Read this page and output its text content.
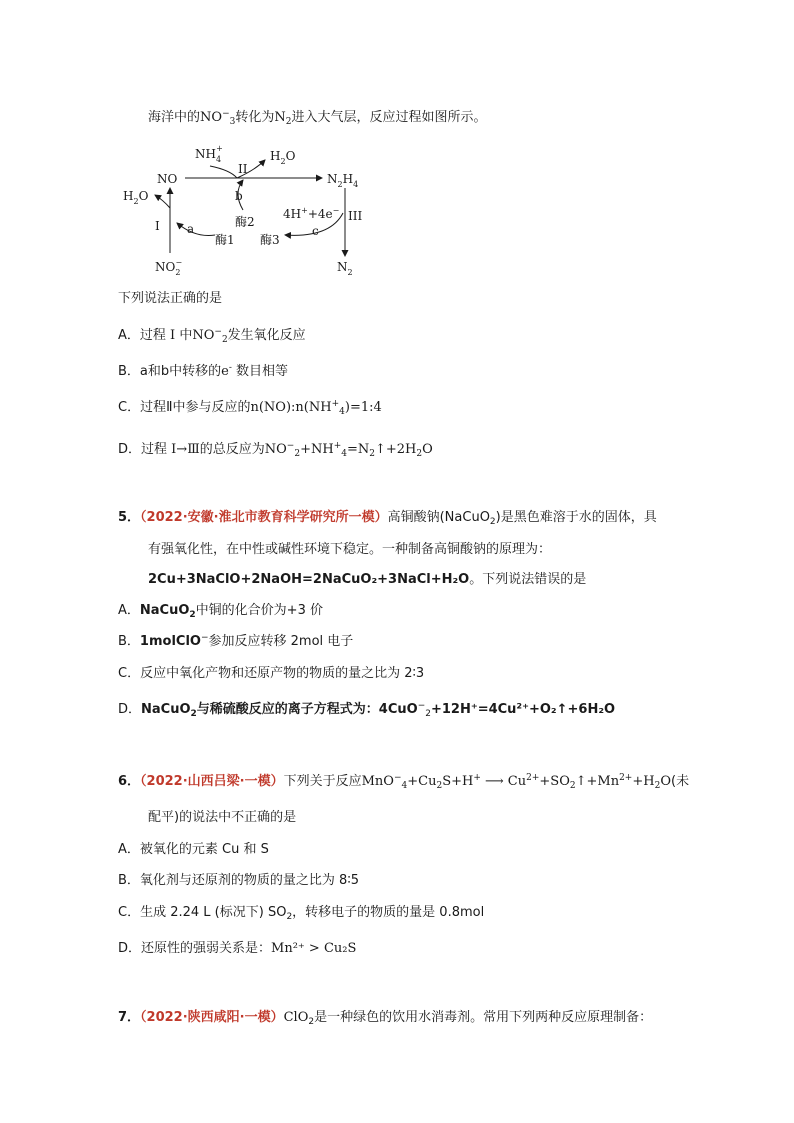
海洋中的$NO^-_3$转化为$N_2$进入大气层，反应过程如图所示。
$NH_4+$
$H_2O$
NO	$N_2H_4$
$H_2O$
I
II
III
a
b
c
酶1
酶2
酶3
4H++4e−
$NO_2-$	$N_2$
下列说法正确的是
A．过程 Ⅰ 中$NO^-_2$发生氧化反应
B．a和b中转移的e- 数目相等
C．过程Ⅱ中参与反应的$n(NO):n(NH^+_4)=1:4$
D．过程 Ⅰ→Ⅲ的总反应为$NO^-_2+NH^+_4=N_2↑+2H_2O$
5．（2022·安徽·淮北市教育科学研究所一模）高铜酸钠(NaCuO$_2$)是黑色难溶于水的固体，具
有强氧化性，在中性或碱性环境下稳定。一种制备高铜酸钠的原理为：
2Cu+3NaClO+2NaOH=2NaCuO₂+3NaCl+H₂O。下列说法错误的是
A．NaCuO$_2$中铜的化合价为+3 价
B．1molClO−参加反应转移 2mol 电子
C．反应中氧化产物和还原产物的物质的量之比为 2∶3
D．NaCuO$_2$与稀硫酸反应的离子方程式为：4CuO−$_2$+12H⁺=4Cu²⁺+O₂↑+6H₂O
6．（2022·山西吕梁·一模）下列关于反应$MnO^-_4+Cu_2S+H^+$ ⟶ $Cu^{2+}+SO_2↑+Mn^{2+}+H_2O$(未
配平)的说法中不正确的是
A．被氧化的元素 Cu 和 S
B．氧化剂与还原剂的物质的量之比为 8∶5
C．生成 2.24 L (标况下) $SO_2$，转移电子的物质的量是 0.8mol
D．还原性的强弱关系是：Mn²⁺ > Cu₂S
7．（2022·陕西咸阳·一模）ClO$_2$是一种绿色的饮用水消毒剂。常用下列两种反应原理制备：
